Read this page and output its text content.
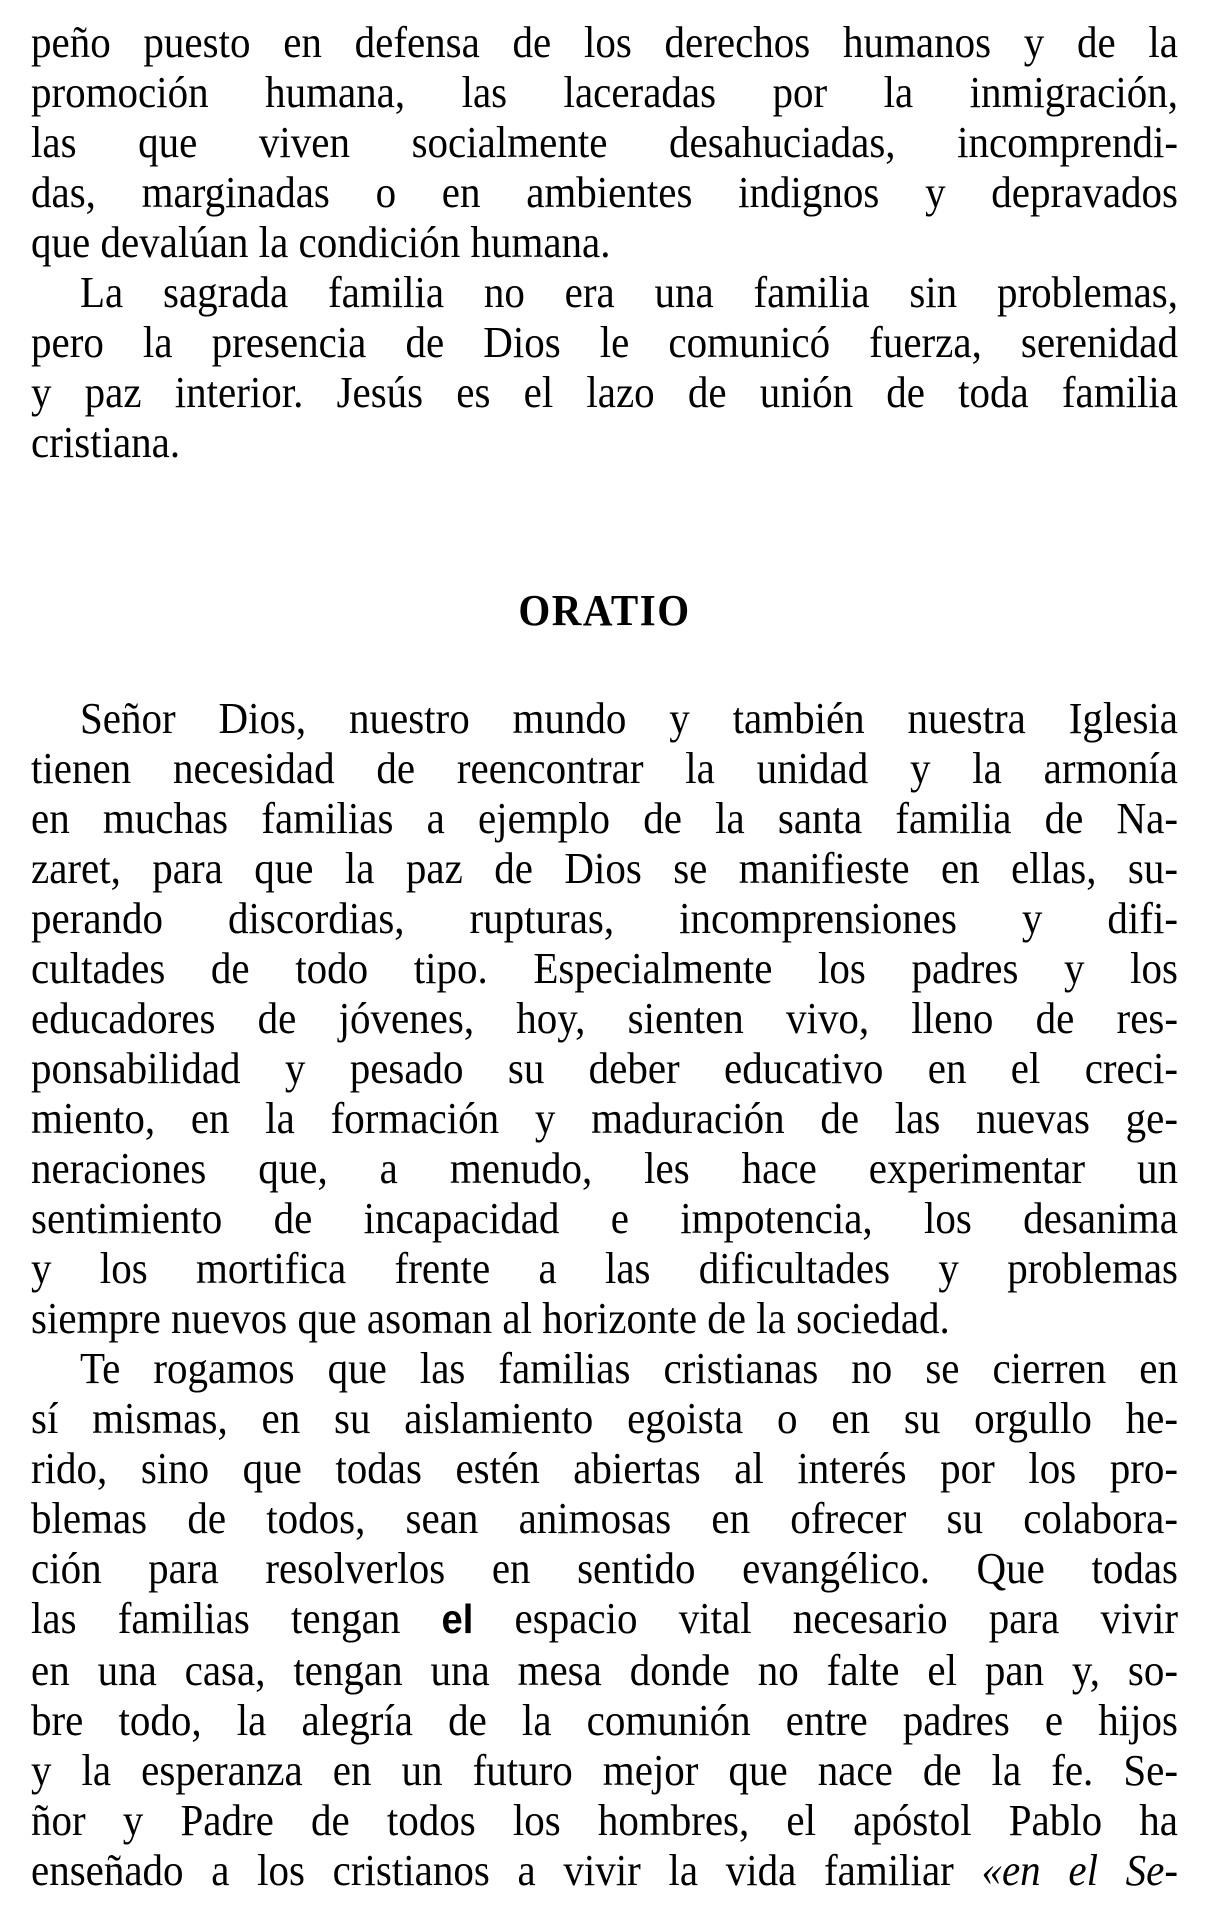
peño puesto en defensa de los derechos humanos y de la
promoción humana, las laceradas por la inmigración,
las que viven socialmente desahuciadas, incomprendi-
das, marginadas o en ambientes indignos y depravados
que devalúan la condición humana.
La sagrada familia no era una familia sin problemas,
pero la presencia de Dios le comunicó fuerza, serenidad
y paz interior. Jesús es el lazo de unión de toda familia
cristiana.
ORATIO
Señor Dios, nuestro mundo y también nuestra Iglesia
tienen necesidad de reencontrar la unidad y la armonía
en muchas familias a ejemplo de la santa familia de Na-
zaret, para que la paz de Dios se manifieste en ellas, su-
perando discordias, rupturas, incomprensiones y difi-
cultades de todo tipo. Especialmente los padres y los
educadores de jóvenes, hoy, sienten vivo, lleno de res-
ponsabilidad y pesado su deber educativo en el creci-
miento, en la formación y maduración de las nuevas ge-
neraciones que, a menudo, les hace experimentar un
sentimiento de incapacidad e impotencia, los desanima
y los mortifica frente a las dificultades y problemas
siempre nuevos que asoman al horizonte de la sociedad.
Te rogamos que las familias cristianas no se cierren en
sí mismas, en su aislamiento egoista o en su orgullo he-
rido, sino que todas estén abiertas al interés por los pro-
blemas de todos, sean animosas en ofrecer su colabora-
ción para resolverlos en sentido evangélico. Que todas
las familias tengan el espacio vital necesario para vivir
en una casa, tengan una mesa donde no falte el pan y, so-
bre todo, la alegría de la comunión entre padres e hijos
y la esperanza en un futuro mejor que nace de la fe. Se-
ñor y Padre de todos los hombres, el apóstol Pablo ha
enseñado a los cristianos a vivir la vida familiar «en el Se-
